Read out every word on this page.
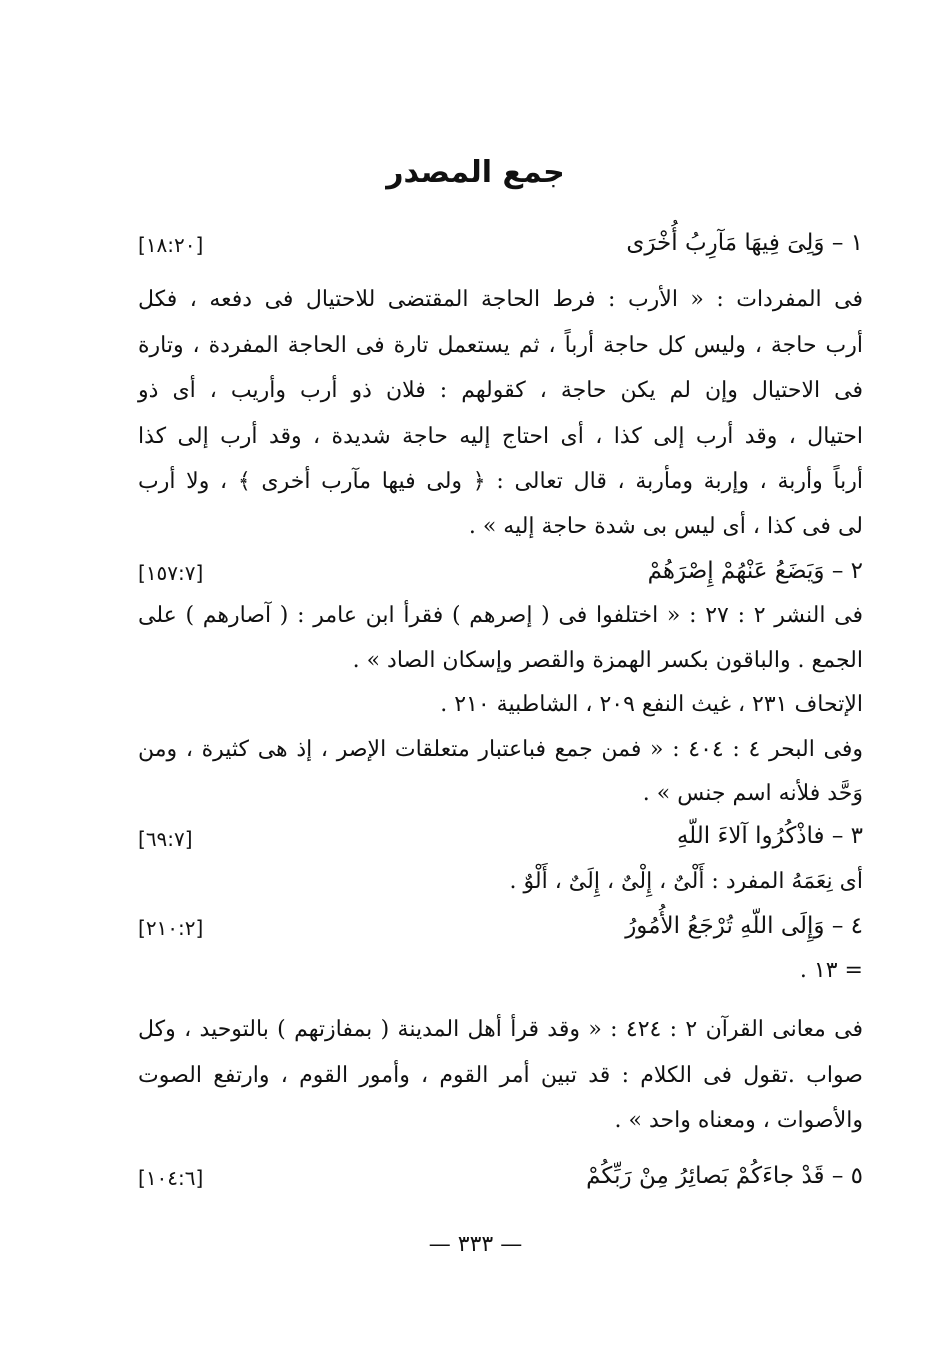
جمع المصدر
١ – وَلِىَ فِيهَا مَآرِبُ أُخْرَى
[١٨:٢٠]
فى المفردات : « الأرب : فرط الحاجة المقتضى للاحتيال فى دفعه ، فكل
أرب حاجة ، وليس كل حاجة أرباً ، ثم يستعمل تارة فى الحاجة المفردة ، وتارة
فى الاحتيال وإن لم يكن حاجة ، كقولهم : فلان ذو أرب وأريب ، أى ذو
احتيال ، وقد أرب إلى كذا ، أى احتاج إليه حاجة شديدة ، وقد أرب إلى كذا
أرباً وأربة ، وإربة ومأربة ، قال تعالى : ﴿ ولى فيها مآرب أخرى ﴾ ، ولا أرب
لى فى كذا ، أى ليس بى شدة حاجة إليه » .
٢ – وَيَضَعُ عَنْهُمْ إِصْرَهُمْ
[١٥٧:٧]
فى النشر ٢ : ٢٧ : « اختلفوا فى ( إصرهم ) فقرأ ابن عامر : ( آصارهم ) على
الجمع . والباقون بكسر الهمزة والقصر وإسكان الصاد » .
الإتحاف ٢٣١ ، غيث النفع ٢٠٩ ، الشاطبية ٢١٠ .
وفى البحر ٤ : ٤٠٤ : « فمن جمع فباعتبار متعلقات الإصر ، إذ هى كثيرة ، ومن
وَحَّد فلأنه اسم جنس » .
٣ – فاذْكُرُوا آلاءَ اللّهِ
[٦٩:٧]
أى نِعَمَهُ المفرد : أَلْىٌ ، إِلْىٌ ، إِلَىٌ ، أَلْوٌ .
٤ – وَإِلَى اللّهِ تُرْجَعُ الأُمُورُ
[٢١٠:٢]
= ١٣ .
فى معانى القرآن ٢ : ٤٢٤ : « وقد قرأ أهل المدينة ( بمفازتهم ) بالتوحيد ، وكل
صواب .تقول فى الكلام : قد تبين أمر القوم ، وأمور القوم ، وارتفع الصوت
والأصوات ، ومعناه واحد » .
٥ – قَدْ جاءَكُمْ بَصائِرُ مِنْ رَبِّكُمْ
[١٠٤:٦]
— ٣٣٣ —
